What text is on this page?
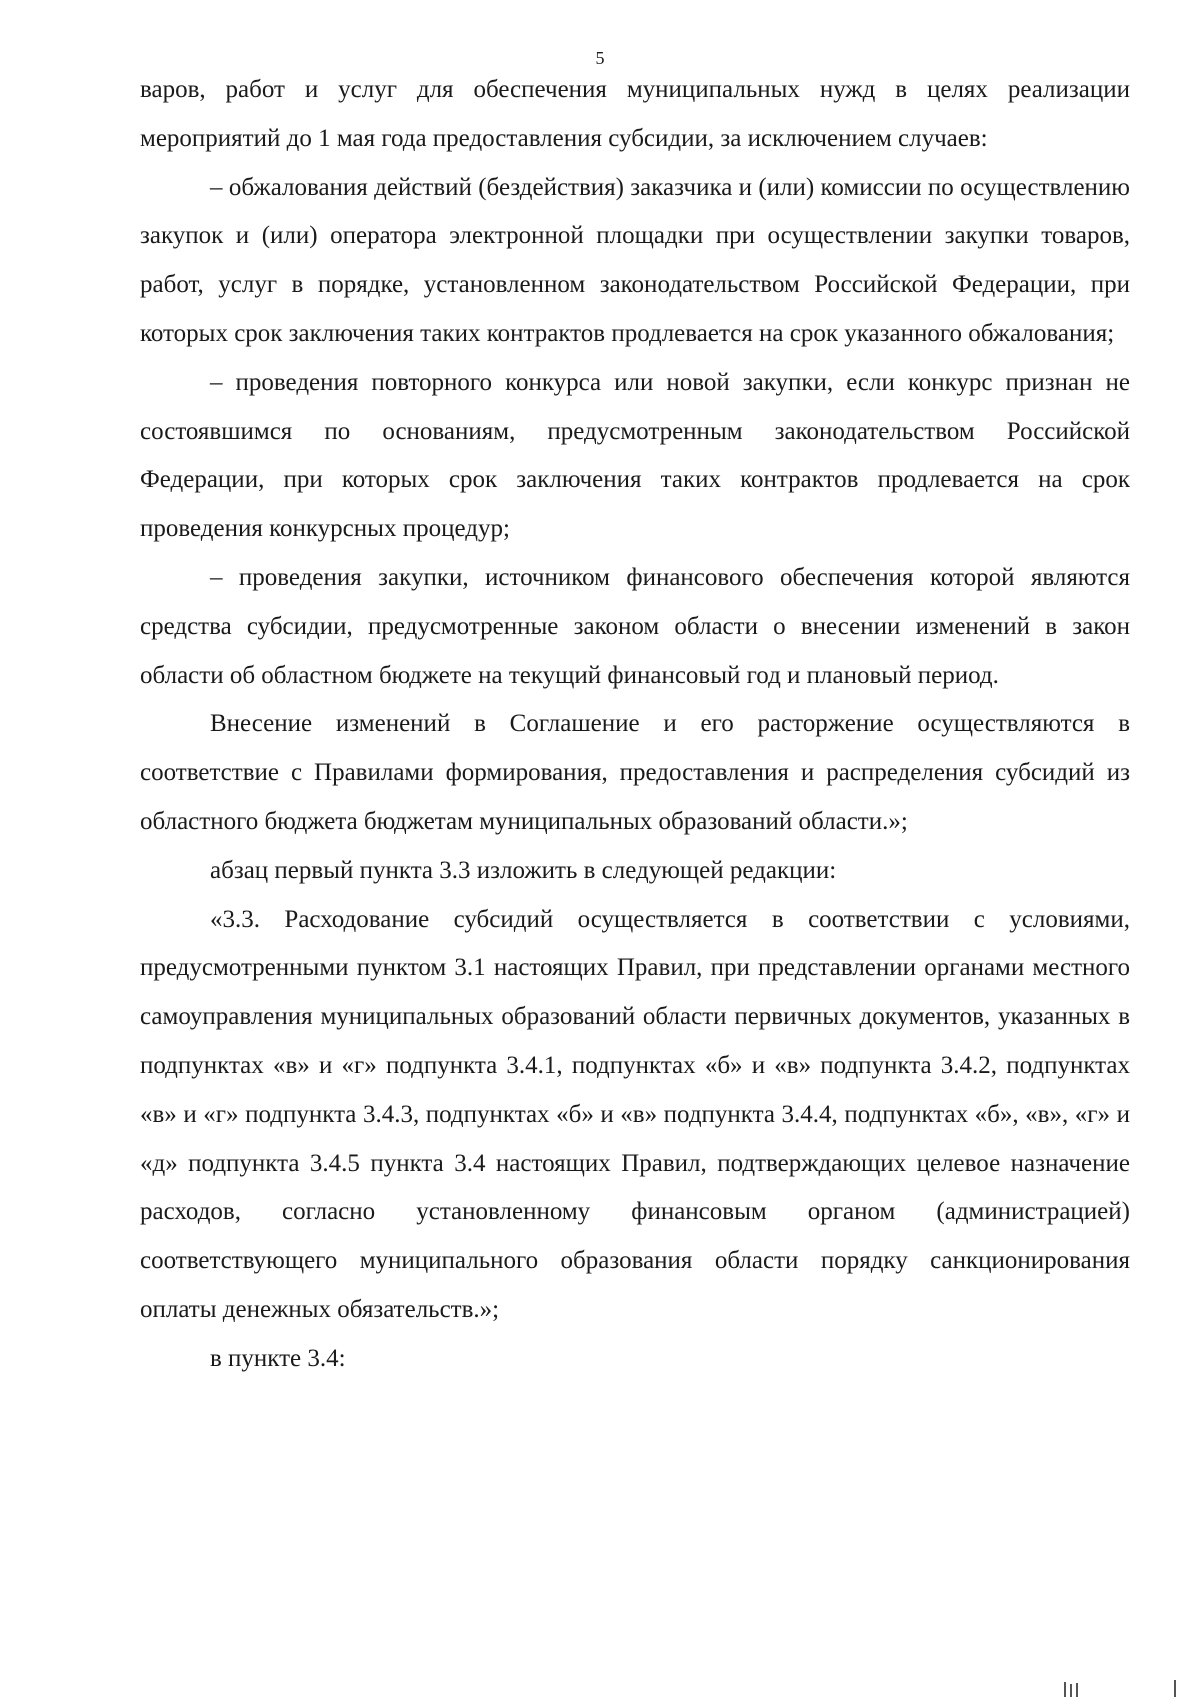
5

варов, работ и услуг для обеспечения муниципальных нужд в целях реализации мероприятий до 1 мая года предоставления субсидии, за исключением случаев:

– обжалования действий (бездействия) заказчика и (или) комиссии по осуществлению закупок и (или) оператора электронной площадки при осуществлении закупки товаров, работ, услуг в порядке, установленном законодательством Российской Федерации, при которых срок заключения таких контрактов продлевается на срок указанного обжалования;

– проведения повторного конкурса или новой закупки, если конкурс признан не состоявшимся по основаниям, предусмотренным законодательством Российской Федерации, при которых срок заключения таких контрактов продлевается на срок проведения конкурсных процедур;

– проведения закупки, источником финансового обеспечения которой являются средства субсидии, предусмотренные законом области о внесении изменений в закон области об областном бюджете на текущий финансовый год и плановый период.

Внесение изменений в Соглашение и его расторжение осуществляются в соответствие с Правилами формирования, предоставления и распределения субсидий из областного бюджета бюджетам муниципальных образований области.»;

абзац первый пункта 3.3 изложить в следующей редакции:

«3.3. Расходование субсидий осуществляется в соответствии с условиями, предусмотренными пунктом 3.1 настоящих Правил, при представлении органами местного самоуправления муниципальных образований области первичных документов, указанных в подпунктах «в» и «г» подпункта 3.4.1, подпунктах «б» и «в» подпункта 3.4.2, подпунктах «в» и «г» подпункта 3.4.3, подпунктах «б» и «в» подпункта 3.4.4, подпунктах «б», «в», «г» и «д» подпункта 3.4.5 пункта 3.4 настоящих Правил, подтверждающих целевое назначение расходов, согласно установленному финансовым органом (администрацией) соответствующего муниципального образования области порядку санкционирования оплаты денежных обязательств.»;

в пункте 3.4:
